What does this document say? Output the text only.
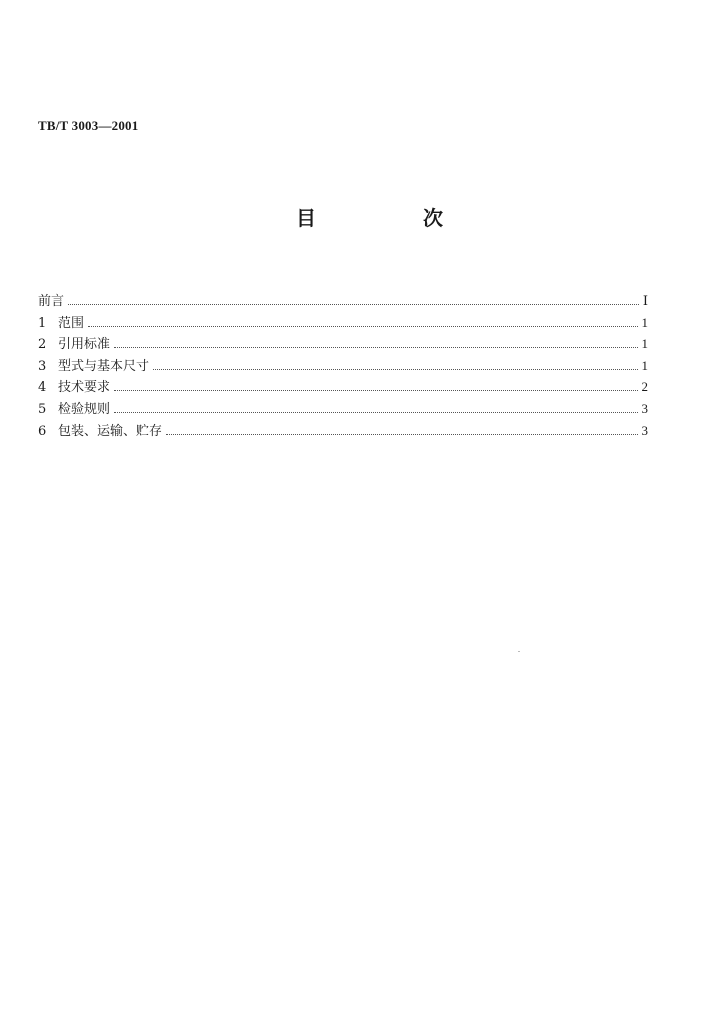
TB/T 3003—2001
目 次
前言	Ⅰ
1 范围	1
2 引用标准	1
3 型式与基本尺寸	1
4 技术要求	2
5 检验规则	3
6 包装、运输、贮存	3
